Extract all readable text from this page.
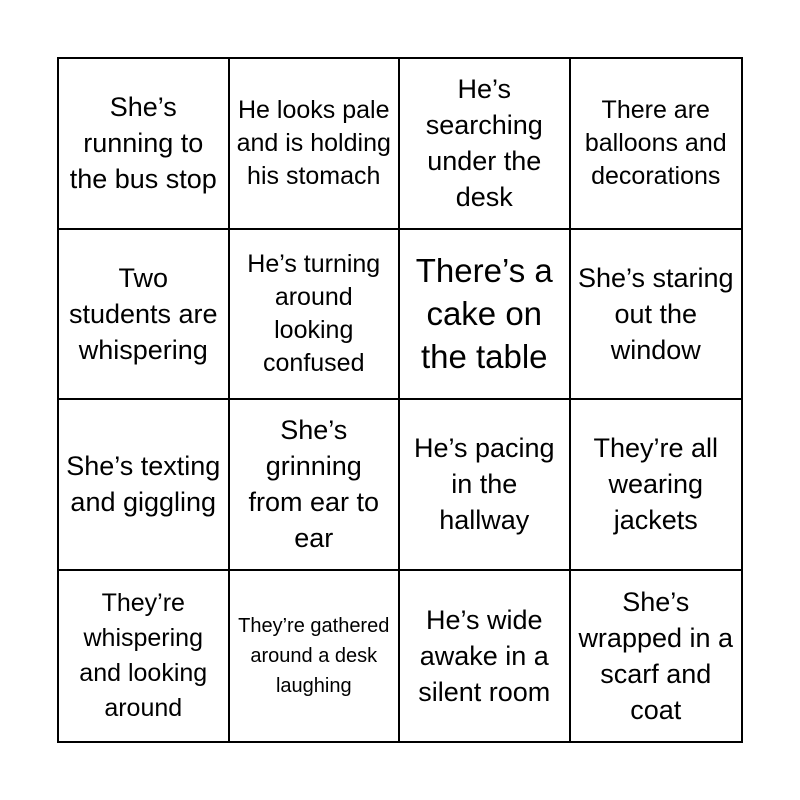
She’s running to the bus stop
He looks pale and is holding his stomach
He’s searching under the desk
There are balloons and decorations
Two students are whispering
He’s turning around looking confused
There’s a cake on the table
She’s staring out the window
She’s texting and giggling
She’s grinning from ear to ear
He’s pacing in the hallway
They’re all wearing jackets
They’re whispering and looking around
They’re gathered around a desk laughing
He’s wide awake in a silent room
She’s wrapped in a scarf and coat
